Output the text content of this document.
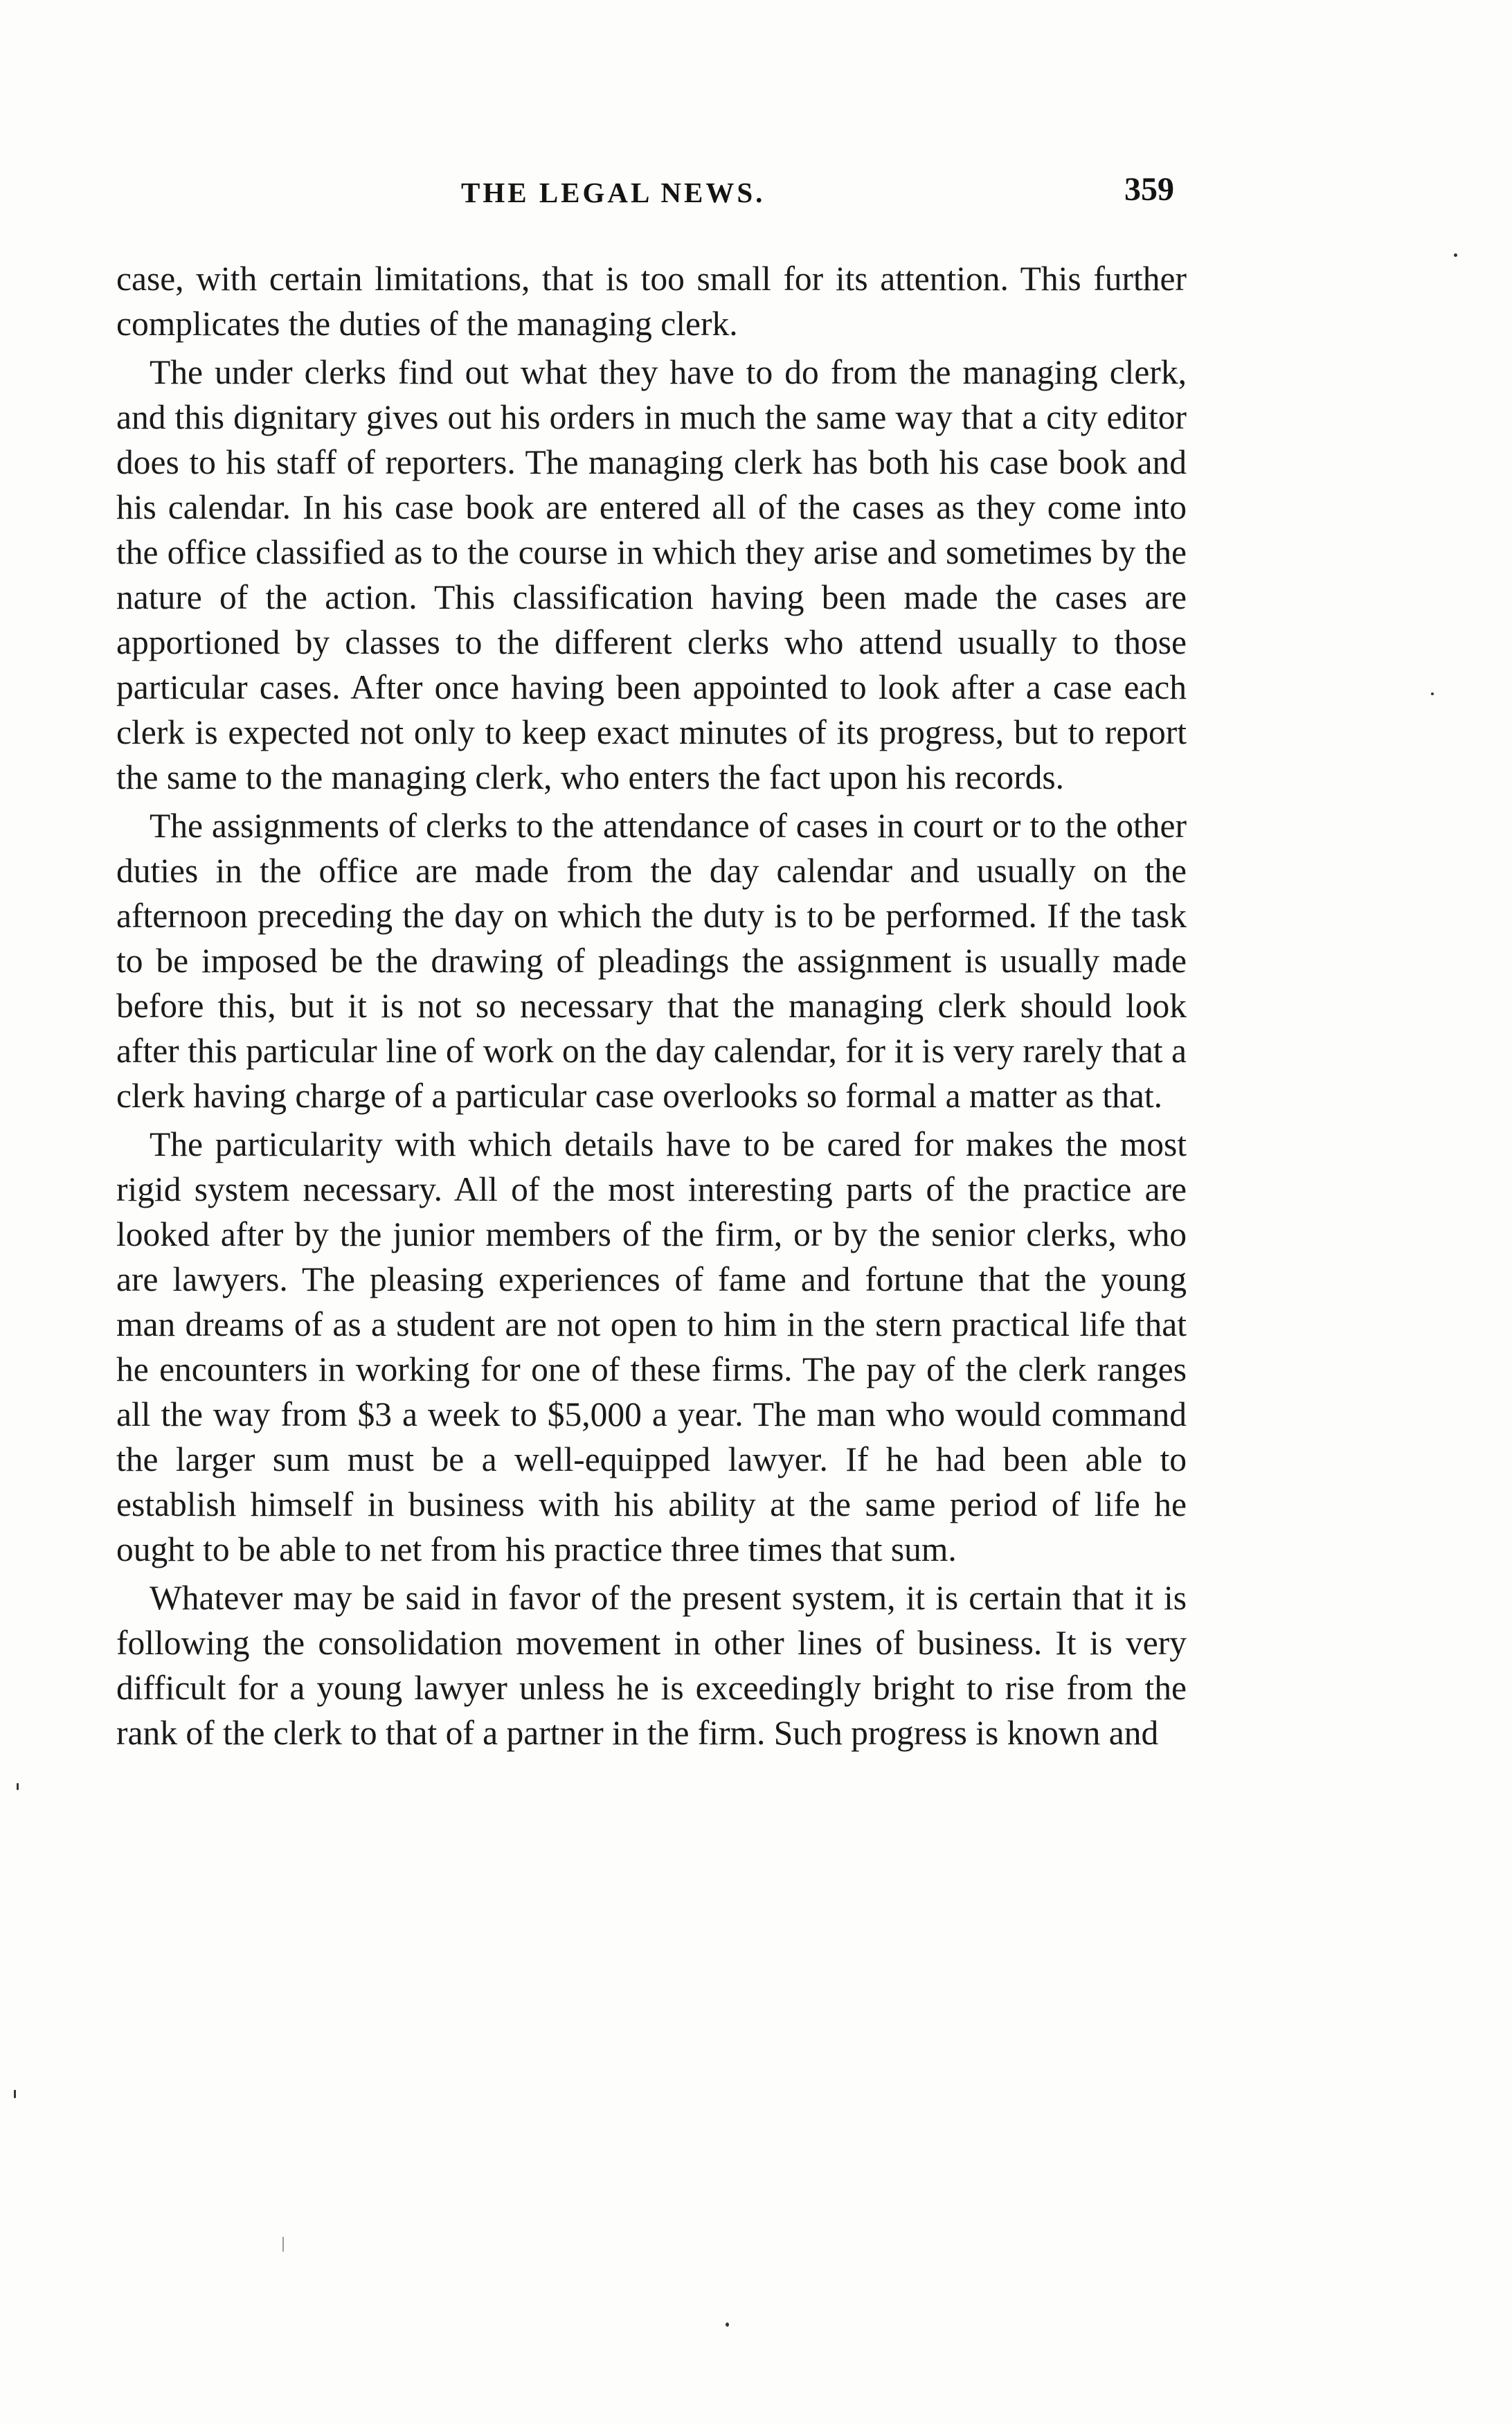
THE LEGAL NEWS.	359

case, with certain limitations, that is too small for its attention. This further complicates the duties of the managing clerk.

The under clerks find out what they have to do from the managing clerk, and this dignitary gives out his orders in much the same way that a city editor does to his staff of reporters. The managing clerk has both his case book and his calendar. In his case book are entered all of the cases as they come into the office classified as to the course in which they arise and sometimes by the nature of the action. This classification having been made the cases are apportioned by classes to the different clerks who attend usually to those particular cases. After once having been appointed to look after a case each clerk is expected not only to keep exact minutes of its progress, but to report the same to the managing clerk, who enters the fact upon his records.

The assignments of clerks to the attendance of cases in court or to the other duties in the office are made from the day calendar and usually on the afternoon preceding the day on which the duty is to be performed. If the task to be imposed be the drawing of pleadings the assignment is usually made before this, but it is not so necessary that the managing clerk should look after this particular line of work on the day calendar, for it is very rarely that a clerk having charge of a particular case overlooks so formal a matter as that.

The particularity with which details have to be cared for makes the most rigid system necessary. All of the most interesting parts of the practice are looked after by the junior members of the firm, or by the senior clerks, who are lawyers. The pleasing experiences of fame and fortune that the young man dreams of as a student are not open to him in the stern practical life that he encounters in working for one of these firms. The pay of the clerk ranges all the way from $3 a week to $5,000 a year. The man who would command the larger sum must be a well-equipped lawyer. If he had been able to establish himself in business with his ability at the same period of life he ought to be able to net from his practice three times that sum.

Whatever may be said in favor of the present system, it is certain that it is following the consolidation movement in other lines of business. It is very difficult for a young lawyer unless he is exceedingly bright to rise from the rank of the clerk to that of a partner in the firm. Such progress is known and
